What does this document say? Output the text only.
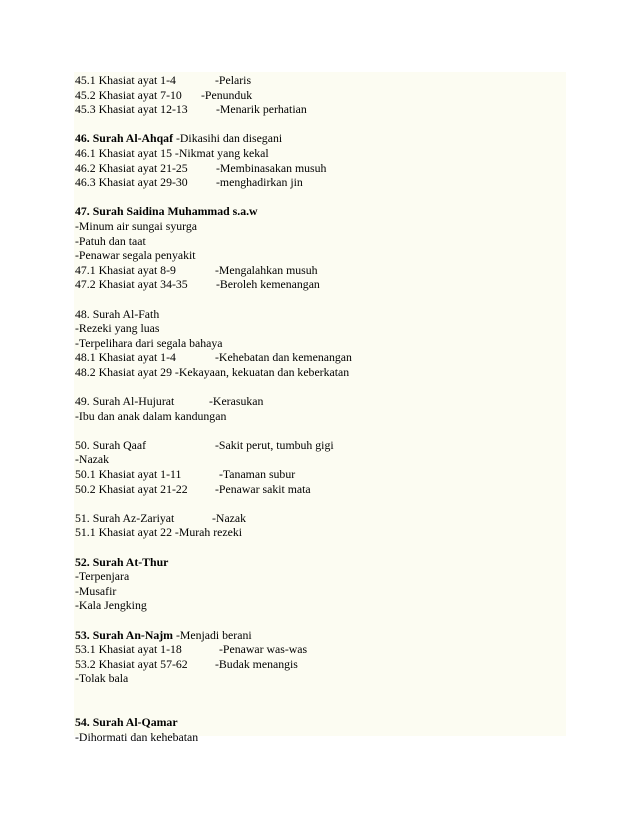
45.1 Khasiat ayat 1-4	-Pelaris
45.2 Khasiat ayat 7-10 -Penunduk
45.3 Khasiat ayat 12-13 -Menarik perhatian
46. Surah Al-Ahqaf -Dikasihi dan disegani
46.1 Khasiat ayat 15 -Nikmat yang kekal
46.2 Khasiat ayat 21-25 -Membinasakan musuh
46.3 Khasiat ayat 29-30 -menghadirkan jin
47. Surah Saidina Muhammad s.a.w
-Minum air sungai syurga
-Patuh dan taat
-Penawar segala penyakit
47.1 Khasiat ayat 8-9	-Mengalahkan musuh
47.2 Khasiat ayat 34-35 -Beroleh kemenangan
48. Surah Al-Fath
-Rezeki yang luas
-Terpelihara dari segala bahaya
48.1 Khasiat ayat 1-4	-Kehebatan dan kemenangan
48.2 Khasiat ayat 29 -Kekayaan, kekuatan dan keberkatan
49. Surah Al-Hujurat	-Kerasukan
-Ibu dan anak dalam kandungan
50. Surah Qaaf	-Sakit perut, tumbuh gigi
-Nazak
50.1 Khasiat ayat 1-11	-Tanaman subur
50.2 Khasiat ayat 21-22 -Penawar sakit mata
51. Surah Az-Zariyat	-Nazak
51.1 Khasiat ayat 22 -Murah rezeki
52. Surah At-Thur
-Terpenjara
-Musafir
-Kala Jengking
53. Surah An-Najm -Menjadi berani
53.1 Khasiat ayat 1-18	-Penawar was-was
53.2 Khasiat ayat 57-62 -Budak menangis
-Tolak bala
54. Surah Al-Qamar
-Dihormati dan kehebatan
